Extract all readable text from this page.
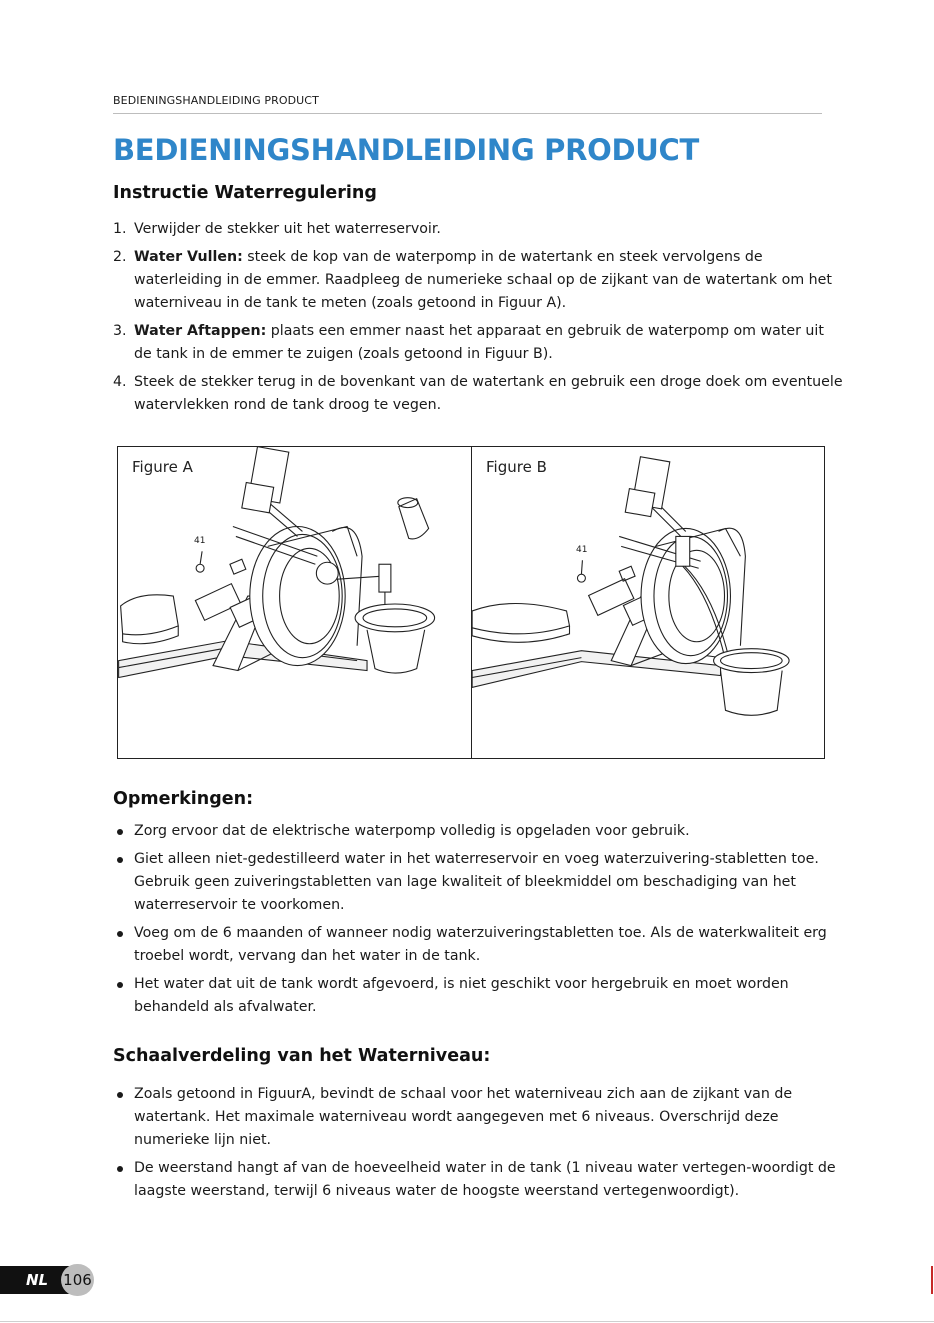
BEDIENINGSHANDLEIDING PRODUCT
BEDIENINGSHANDLEIDING PRODUCT
Instructie Waterregulering
1. Verwijder de stekker uit het waterreservoir.
2. Water Vullen: steek de kop van de waterpomp in de watertank en steek vervolgens de waterleiding in de emmer. Raadpleeg de numerieke schaal op de zijkant van de watertank om het waterniveau in de tank te meten (zoals getoond in Figuur A).
3. Water Aftappen: plaats een emmer naast het apparaat en gebruik de waterpomp om water uit de tank in de emmer te zuigen (zoals getoond in Figuur B).
4. Steek de stekker terug in de bovenkant van de watertank en gebruik een droge doek om eventuele watervlekken rond de tank droog te vegen.
Figure A
41
Figure B
41
Opmerkingen:
Zorg ervoor dat de elektrische waterpomp volledig is opgeladen voor gebruik.
Giet alleen niet-gedestilleerd water in het waterreservoir en voeg waterzuivering-stabletten toe. Gebruik geen zuiveringstabletten van lage kwaliteit of bleekmiddel om beschadiging van het waterreservoir te voorkomen.
Voeg om de 6 maanden of wanneer nodig waterzuiveringstabletten toe. Als de waterkwaliteit erg troebel wordt, vervang dan het water in de tank.
Het water dat uit de tank wordt afgevoerd, is niet geschikt voor hergebruik en moet worden behandeld als afvalwater.
Schaalverdeling van het Waterniveau:
Zoals getoond in FiguurA, bevindt de schaal voor het waterniveau zich aan de zijkant van de watertank. Het maximale waterniveau wordt aangegeven met 6 niveaus. Overschrijd deze numerieke lijn niet.
De weerstand hangt af van de hoeveelheid water in de tank (1 niveau water vertegen-woordigt de laagste weerstand, terwijl 6 niveaus water de hoogste weerstand vertegenwoordigt).
NL 106
